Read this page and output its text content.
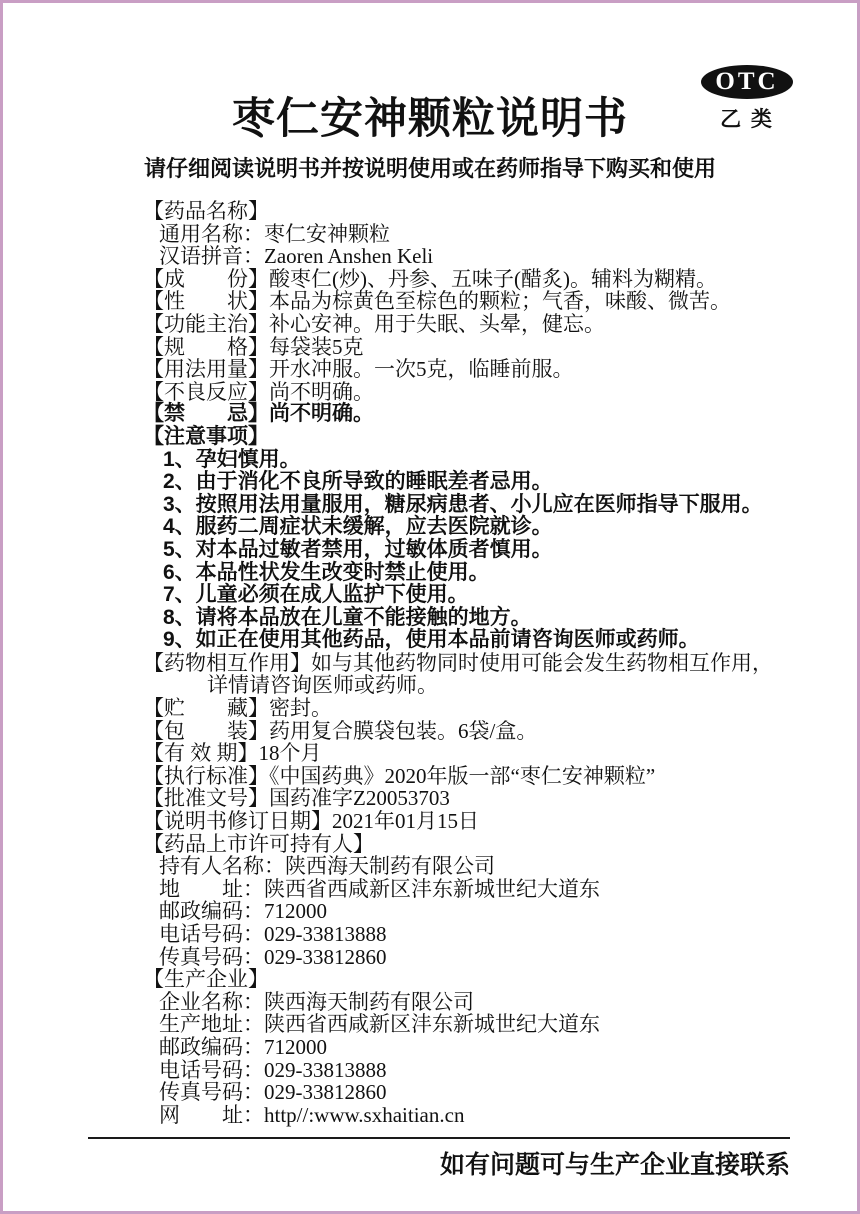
OTC
乙 类
枣仁安神颗粒说明书
请仔细阅读说明书并按说明使用或在药师指导下购买和使用
【药品名称】
通用名称：枣仁安神颗粒
汉语拼音：Zaoren Anshen Keli
【成　　份】酸枣仁(炒)、丹参、五味子(醋炙)。辅料为糊精。
【性　　状】本品为棕黄色至棕色的颗粒；气香，味酸、微苦。
【功能主治】补心安神。用于失眠、头晕，健忘。
【规　　格】每袋装5克
【用法用量】开水冲服。一次5克，临睡前服。
【不良反应】尚不明确。
【禁　　忌】尚不明确。
【注意事项】
1、孕妇慎用。
2、由于消化不良所导致的睡眠差者忌用。
3、按照用法用量服用，糖尿病患者、小儿应在医师指导下服用。
4、服药二周症状未缓解，应去医院就诊。
5、对本品过敏者禁用，过敏体质者慎用。
6、本品性状发生改变时禁止使用。
7、儿童必须在成人监护下使用。
8、请将本品放在儿童不能接触的地方。
9、如正在使用其他药品，使用本品前请咨询医师或药师。
【药物相互作用】如与其他药物同时使用可能会发生药物相互作用，
详情请咨询医师或药师。
【贮　　藏】密封。
【包　　装】药用复合膜袋包装。6袋/盒。
【有 效 期】18个月
【执行标准】《中国药典》2020年版一部“枣仁安神颗粒”
【批准文号】国药准字Z20053703
【说明书修订日期】2021年01月15日
【药品上市许可持有人】
持有人名称：陕西海天制药有限公司
地　　址：陕西省西咸新区沣东新城世纪大道东
邮政编码：712000
电话号码：029-33813888
传真号码：029-33812860
【生产企业】
企业名称：陕西海天制药有限公司
生产地址：陕西省西咸新区沣东新城世纪大道东
邮政编码：712000
电话号码：029-33813888
传真号码：029-33812860
网　　址：http//:www.sxhaitian.cn
如有问题可与生产企业直接联系
